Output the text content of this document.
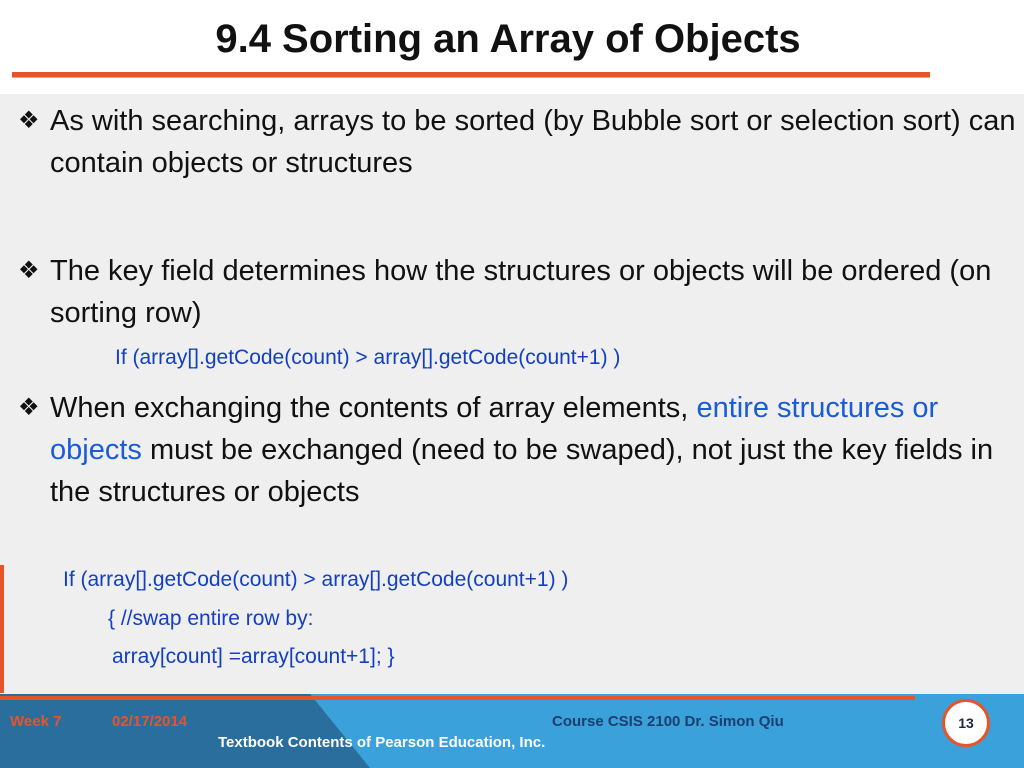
9.4 Sorting an Array of Objects
❖ As with searching, arrays to be sorted (by Bubble sort or selection sort) can contain objects or structures
❖ The key field determines how the structures or objects will be ordered (on sorting row)
If (array[].getCode(count) > array[].getCode(count+1) )
❖ When exchanging the contents of array elements, entire structures or objects must be exchanged (need to be swaped), not just the key fields in the structures or objects
If (array[].getCode(count) > array[].getCode(count+1) )
{ //swap entire row by:
array[count] =array[count+1]; }
Week 7	02/17/2014	Course CSIS 2100 Dr. Simon Qiu
Textbook Contents of Pearson Education, Inc.
13
